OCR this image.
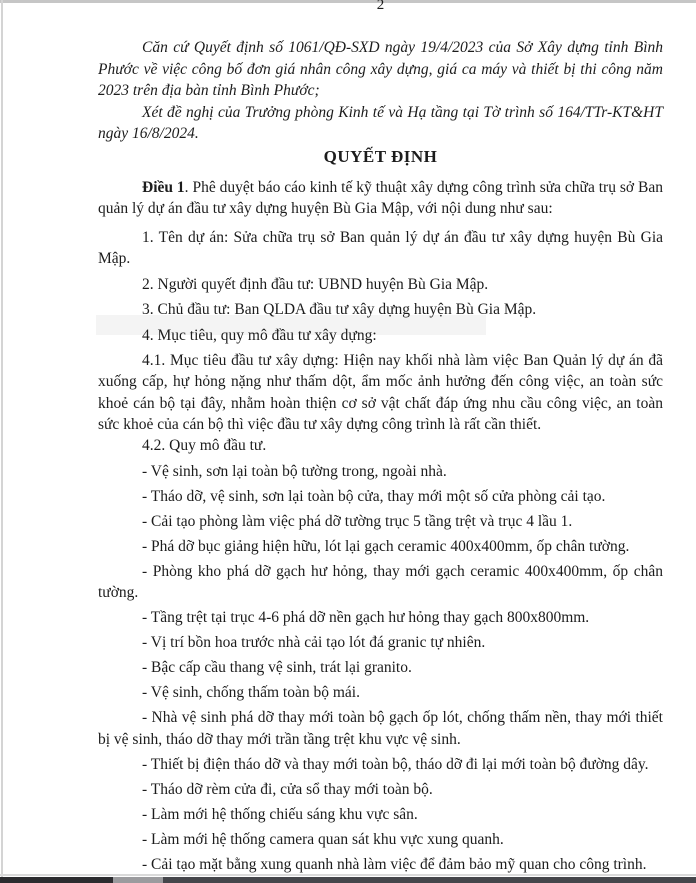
2

Căn cứ Quyết định số 1061/QĐ-SXD ngày 19/4/2023 của Sở Xây dựng tỉnh Bình Phước về việc công bố đơn giá nhân công xây dựng, giá ca máy và thiết bị thi công năm 2023 trên địa bàn tỉnh Bình Phước;

Xét đề nghị của Trưởng phòng Kinh tế và Hạ tầng tại Tờ trình số 164/TTr-KT&HT ngày 16/8/2024.

QUYẾT ĐỊNH

Điều 1. Phê duyệt báo cáo kinh tế kỹ thuật xây dựng công trình sửa chữa trụ sở Ban quản lý dự án đầu tư xây dựng huyện Bù Gia Mập, với nội dung như sau:

1. Tên dự án: Sửa chữa trụ sở Ban quản lý dự án đầu tư xây dựng huyện Bù Gia Mập.

2. Người quyết định đầu tư: UBND huyện Bù Gia Mập.

3. Chủ đầu tư: Ban QLDA đầu tư xây dựng huyện Bù Gia Mập.

4. Mục tiêu, quy mô đầu tư xây dựng:

4.1. Mục tiêu đầu tư xây dựng: Hiện nay khối nhà làm việc Ban Quản lý dự án đã xuống cấp, hự hỏng nặng như thấm dột, ẩm mốc ảnh hưởng đến công việc, an toàn sức khoẻ cán bộ tại đây, nhằm hoàn thiện cơ sở vật chất đáp ứng nhu cầu công việc, an toàn sức khoẻ của cán bộ thì việc đầu tư xây dựng công trình là rất cần thiết.

4.2. Quy mô đầu tư.

- Vệ sinh, sơn lại toàn bộ tường trong, ngoài nhà.

- Tháo dỡ, vệ sinh, sơn lại toàn bộ cửa, thay mới một số cửa phòng cải tạo.

- Cải tạo phòng làm việc phá dỡ tường trục 5 tầng trệt và trục 4 lầu 1.

- Phá dỡ bục giảng hiện hữu, lót lại gạch ceramic 400x400mm, ốp chân tường.

- Phòng kho phá dỡ gạch hư hỏng, thay mới gạch ceramic 400x400mm, ốp chân tường.

- Tầng trệt tại trục 4-6 phá dỡ nền gạch hư hỏng thay gạch 800x800mm.

- Vị trí bồn hoa trước nhà cải tạo lót đá granic tự nhiên.

- Bậc cấp cầu thang vệ sinh, trát lại granito.

- Vệ sinh, chống thấm toàn bộ mái.

- Nhà vệ sinh phá dỡ thay mới toàn bộ gạch ốp lót, chống thấm nền, thay mới thiết bị vệ sinh, tháo dỡ thay mới trần tầng trệt khu vực vệ sinh.

- Thiết bị điện tháo dỡ và thay mới toàn bộ, tháo dỡ đi lại mới toàn bộ đường dây.

- Tháo dỡ rèm cửa đi, cửa sổ thay mới toàn bộ.

- Làm mới hệ thống chiếu sáng khu vực sân.

- Làm mới hệ thống camera quan sát khu vực xung quanh.

- Cải tạo mặt bằng xung quanh nhà làm việc để đảm bảo mỹ quan cho công trình.
